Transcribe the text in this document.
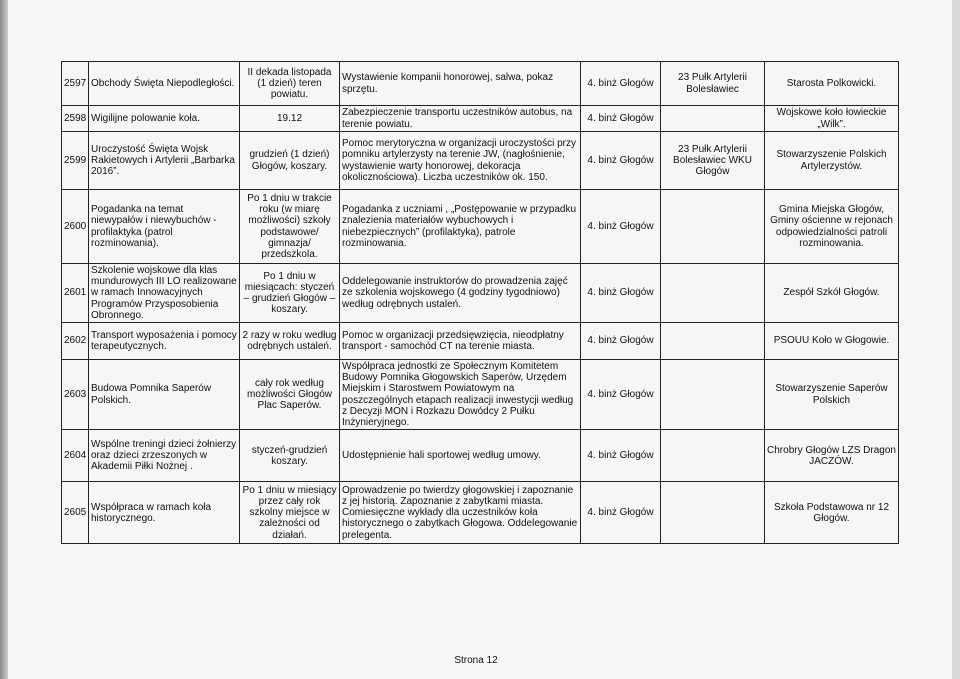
2597	Obchody Święta Niepodległości.	II dekada listopada (1 dzień) teren powiatu.	Wystawienie kompanii honorowej, salwa, pokaz sprzętu.	4. binż Głogów	23 Pułk Artylerii Bolesławiec	Starosta Polkowicki.
2598	Wigilijne polowanie koła.	19.12	Zabezpieczenie transportu uczestników autobus, na terenie powiatu.	4. binż Głogów		Wojskowe koło łowieckie „Wilk”.
2599	Uroczystość Święta Wojsk Rakietowych i Artylerii „Barbarka 2016”.	grudzień (1 dzień) Głogów, koszary.	Pomoc merytoryczna w organizacji uroczystości przy pomniku artylerzysty na terenie JW, (nagłośnienie, wystawienie warty honorowej, dekoracja okolicznościowa). Liczba uczestników ok. 150.	4. binż Głogów	23 Pułk Artylerii Bolesławiec WKU Głogów	Stowarzyszenie Polskich Artylerzystów.
2600	Pogadanka na temat niewypałów i niewybuchów - profilaktyka (patrol rozminowania).	Po 1 dniu w trakcie roku (w miarę możliwości) szkoły podstawowe/ gimnazja/ przedszkola.	Pogadanka z uczniami , „Postępowanie w przypadku znalezienia materiałów wybuchowych i niebezpiecznych” (profilaktyka), patrole rozminowania.	4. binż Głogów		Gmina Miejska Głogów, Gminy ościenne w rejonach odpowiedzialności patroli rozminowania.
2601	Szkolenie wojskowe dla klas mundurowych III LO realizowane w ramach Innowacyjnych Programów Przysposobienia Obronnego.	Po 1 dniu w miesiącach: styczeń – grudzień Głogów – koszary.	Oddelegowanie instruktorów do prowadzenia zajęć ze szkolenia wojskowego (4 godziny tygodniowo) według odrębnych ustaleń.	4. binż Głogów		Zespół Szkół Głogów.
2602	Transport wyposażenia i pomocy terapeutycznych.	2 razy w roku według odrębnych ustaleń.	Pomoc w organizacji przedsięwzięcia, nieodpłatny transport - samochód CT na terenie miasta.	4. binż Głogów		PSOUU Koło w Głogowie.
2603	Budowa Pomnika Saperów Polskich.	cały rok według możliwości Głogów Plac Saperów.	Współpraca jednostki ze Społecznym Komitetem Budowy Pomnika Głogowskich Saperów, Urzędem Miejskim i Starostwem Powiatowym na poszczególnych etapach realizacji inwestycji według z Decyzji MON i Rozkazu Dowódcy 2 Pułku Inżynieryjnego.	4. binż Głogów		Stowarzyszenie Saperów Polskich
2604	Wspólne treningi dzieci żołnierzy oraz dzieci zrzeszonych w Akademii Piłki Nożnej .	styczeń-grudzień koszary.	Udostępnienie hali sportowej według umowy.	4. binż Głogów		Chrobry Głogów LZS Dragon JACZÓW.
2605	Współpraca w ramach koła historycznego.	Po 1 dniu w miesiący przez cały rok szkolny miejsce w zależności od działań.	Oprowadzenie po twierdzy głogowskiej i zapoznanie z jej historią. Zapoznanie z zabytkami miasta. Comiesięczne wykłady dla uczestników koła historycznego o zabytkach Głogowa. Oddelegowanie prelegenta.	4. binż Głogów		Szkoła Podstawowa nr 12 Głogów.
Strona 12
